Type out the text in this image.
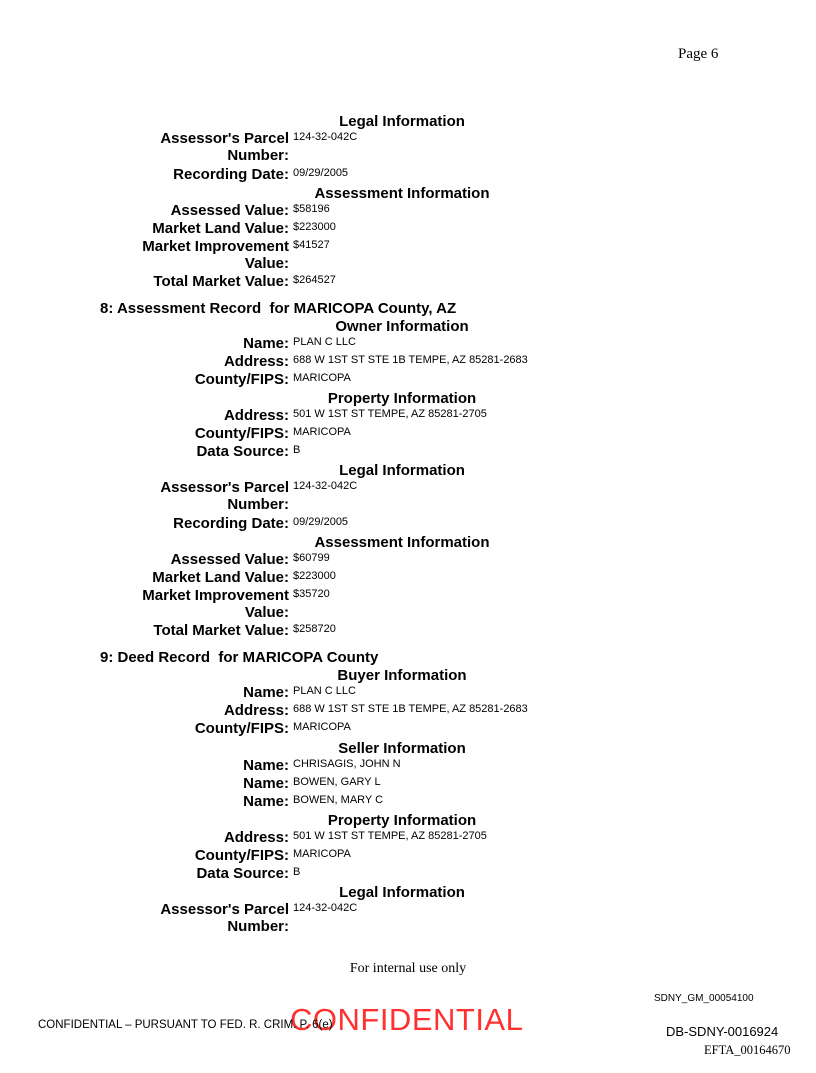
Page 6
Legal Information
Assessor's Parcel Number:
124-32-042C
Recording Date: 09/29/2005
Assessment Information
Assessed Value: $58196
Market Land Value: $223000
Market Improvement Value:
$41527
Total Market Value: $264527
8: Assessment Record  for MARICOPA County, AZ
Owner Information
Name: PLAN C LLC
Address: 688 W 1ST ST STE 1B TEMPE, AZ 85281-2683
County/FIPS: MARICOPA
Property Information
Address: 501 W 1ST ST TEMPE, AZ 85281-2705
County/FIPS: MARICOPA
Data Source: B
Legal Information
Assessor's Parcel Number:
124-32-042C
Recording Date: 09/29/2005
Assessment Information
Assessed Value: $60799
Market Land Value: $223000
Market Improvement Value:
$35720
Total Market Value: $258720
9: Deed Record  for MARICOPA County
Buyer Information
Name: PLAN C LLC
Address: 688 W 1ST ST STE 1B TEMPE, AZ 85281-2683
County/FIPS: MARICOPA
Seller Information
Name: CHRISAGIS, JOHN N
Name: BOWEN, GARY L
Name: BOWEN, MARY C
Property Information
Address: 501 W 1ST ST TEMPE, AZ 85281-2705
County/FIPS: MARICOPA
Data Source: B
Legal Information
Assessor's Parcel Number:
124-32-042C
For internal use only
SDNY_GM_00054100
CONFIDENTIAL
CONFIDENTIAL – PURSUANT TO FED. R. CRIM. P. 6(e)	DB-SDNY-0016924
EFTA_00164670
